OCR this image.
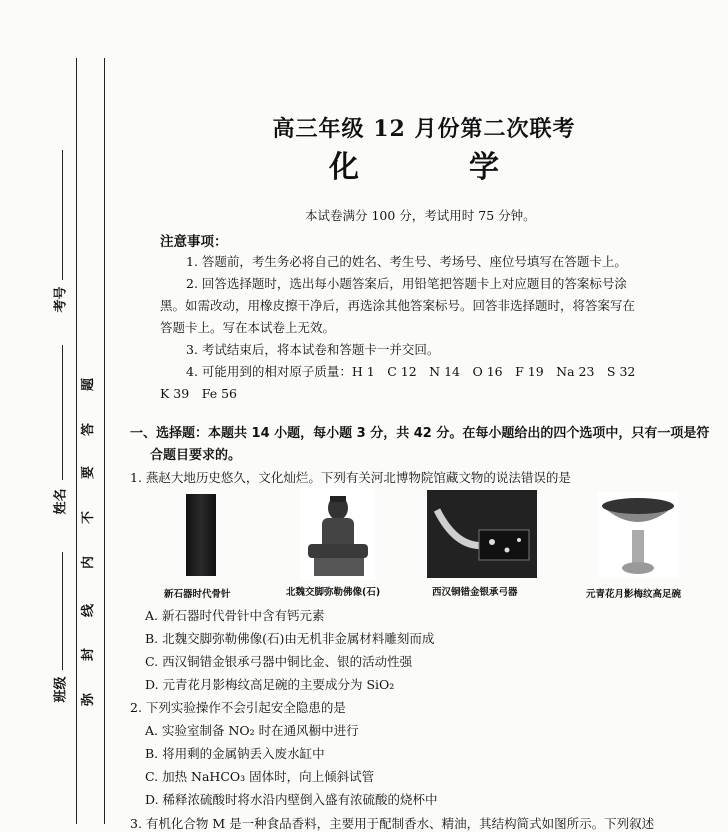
考号
姓名
班级
题
答
要
不
内
线
封
弥
高三年级 12 月份第二次联考
化　学
本试卷满分 100 分，考试用时 75 分钟。
注意事项：
1. 答题前，考生务必将自己的姓名、考生号、考场号、座位号填写在答题卡上。
2. 回答选择题时，选出每小题答案后，用铅笔把答题卡上对应题目的答案标号涂
黑。如需改动，用橡皮擦干净后，再选涂其他答案标号。回答非选择题时，将答案写在
答题卡上。写在本试卷上无效。
3. 考试结束后，将本试卷和答题卡一并交回。
4. 可能用到的相对原子质量：H 1　C 12　N 14　O 16　F 19　Na 23　S 32
K 39　Fe 56
一、选择题：本题共 14 小题，每小题 3 分，共 42 分。在每小题给出的四个选项中，只有一项是符
合题目要求的。
1. 燕赵大地历史悠久，文化灿烂。下列有关河北博物院馆藏文物的说法错误的是
新石器时代骨针	北魏交脚弥勒佛像(石)	西汉铜错金银承弓器	元青花月影梅纹高足碗
A. 新石器时代骨针中含有钙元素
B. 北魏交脚弥勒佛像(石)由无机非金属材料雕刻而成
C. 西汉铜错金银承弓器中铜比金、银的活动性强
D. 元青花月影梅纹高足碗的主要成分为 SiO₂
2. 下列实验操作不会引起安全隐患的是
A. 实验室制备 NO₂ 时在通风橱中进行
B. 将用剩的金属钠丢入废水缸中
C. 加热 NaHCO₃ 固体时，向上倾斜试管
D. 稀释浓硫酸时将水沿内壁倒入盛有浓硫酸的烧杯中
3. 有机化合物 M 是一种食品香料，主要用于配制香水、精油，其结构简式如图所示。下列叙述
